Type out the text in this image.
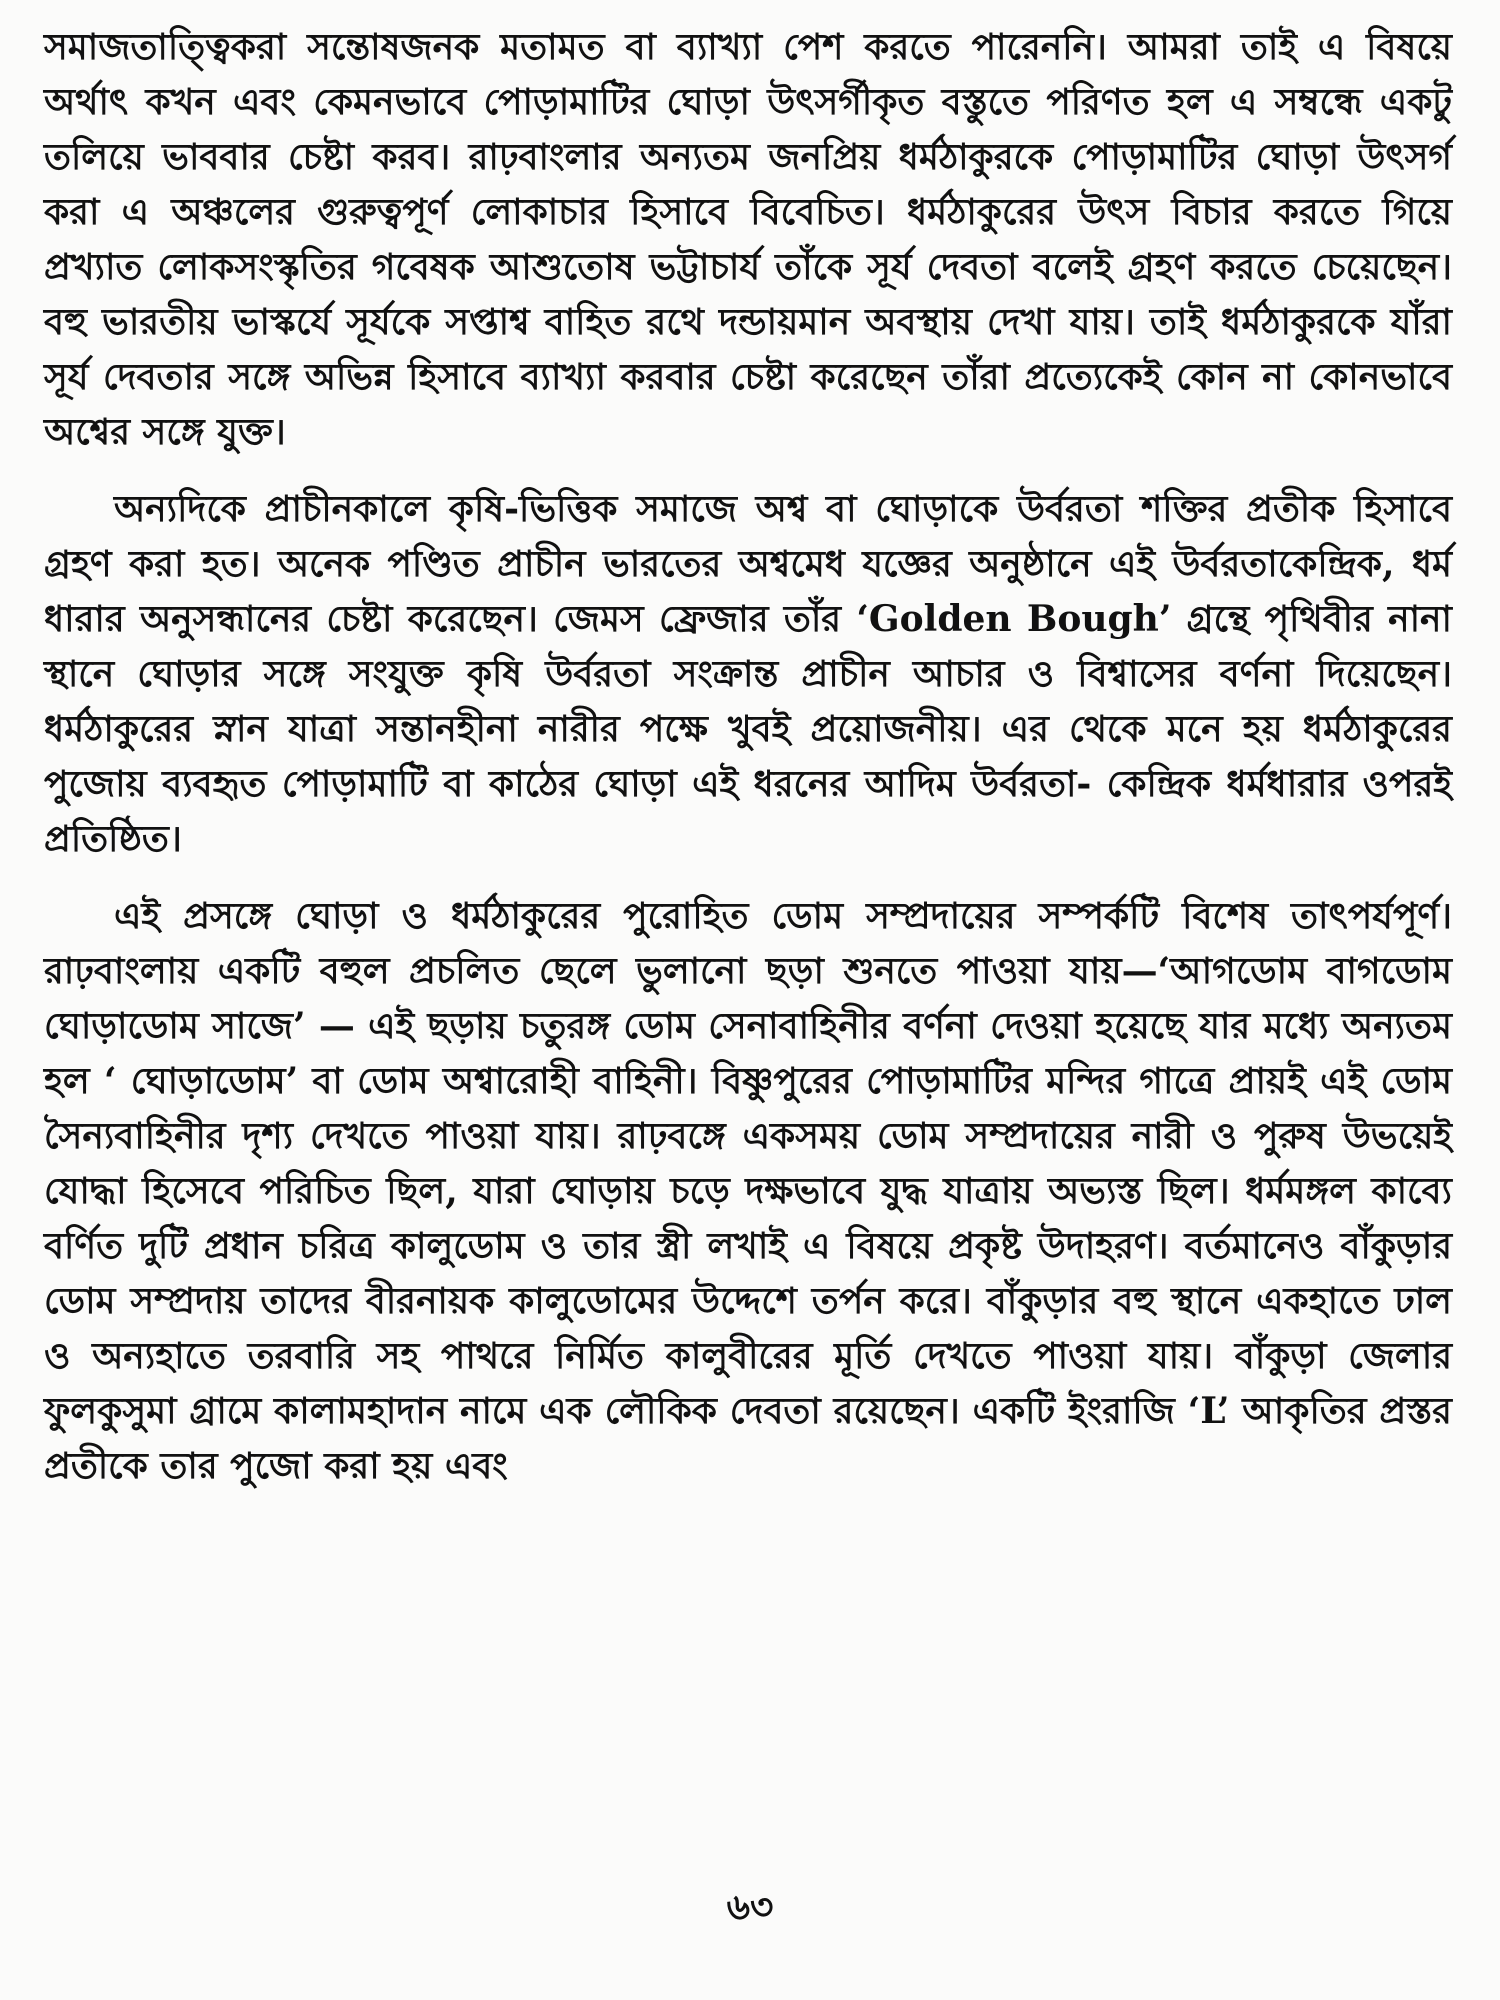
সমাজতাত্ত্বিকরা সন্তোষজনক মতামত বা ব্যাখ্যা পেশ করতে পারেননি। আমরা তাই এ বিষয়ে অর্থাৎ কখন এবং কেমনভাবে পোড়ামাটির ঘোড়া উৎসর্গীকৃত বস্তুতে পরিণত হল এ সম্বন্ধে একটু তলিয়ে ভাববার চেষ্টা করব। রাঢ়বাংলার অন্যতম জনপ্রিয় ধর্মঠাকুরকে পোড়ামাটির ঘোড়া উৎসর্গ করা এ অঞ্চলের গুরুত্বপূর্ণ লোকাচার হিসাবে বিবেচিত। ধর্মঠাকুরের উৎস বিচার করতে গিয়ে প্রখ্যাত লোকসংস্কৃতির গবেষক আশুতোষ ভট্টাচার্য তাঁকে সূর্য দেবতা বলেই গ্রহণ করতে চেয়েছেন। বহু ভারতীয় ভাস্কর্যে সূর্যকে সপ্তাশ্ব বাহিত রথে দন্ডায়মান অবস্থায় দেখা যায়। তাই ধর্মঠাকুরকে যাঁরা সূর্য দেবতার সঙ্গে অভিন্ন হিসাবে ব্যাখ্যা করবার চেষ্টা করেছেন তাঁরা প্রত্যেকেই কোন না কোনভাবে অশ্বের সঙ্গে যুক্ত।

অন্যদিকে প্রাচীনকালে কৃষি-ভিত্তিক সমাজে অশ্ব বা ঘোড়াকে উর্বরতা শক্তির প্রতীক হিসাবে গ্রহণ করা হত। অনেক পণ্ডিত প্রাচীন ভারতের অশ্বমেধ যজ্ঞের অনুষ্ঠানে এই উর্বরতাকেন্দ্রিক, ধর্ম ধারার অনুসন্ধানের চেষ্টা করেছেন। জেমস ফ্রেজার তাঁর ‘Golden Bough’ গ্রন্থে পৃথিবীর নানা স্থানে ঘোড়ার সঙ্গে সংযুক্ত কৃষি উর্বরতা সংক্রান্ত প্রাচীন আচার ও বিশ্বাসের বর্ণনা দিয়েছেন। ধর্মঠাকুরের স্নান যাত্রা সন্তানহীনা নারীর পক্ষে খুবই প্রয়োজনীয়। এর থেকে মনে হয় ধর্মঠাকুরের পুজোয় ব্যবহৃত পোড়ামাটি বা কাঠের ঘোড়া এই ধরনের আদিম উর্বরতা- কেন্দ্রিক ধর্মধারার ওপরই প্রতিষ্ঠিত।

এই প্রসঙ্গে ঘোড়া ও ধর্মঠাকুরের পুরোহিত ডোম সম্প্রদায়ের সম্পর্কটি বিশেষ তাৎপর্যপূর্ণ। রাঢ়বাংলায় একটি বহুল প্রচলিত ছেলে ভুলানো ছড়া শুনতে পাওয়া যায়—‘আগডোম বাগডোম ঘোড়াডোম সাজে’ — এই ছড়ায় চতুরঙ্গ ডোম সেনাবাহিনীর বর্ণনা দেওয়া হয়েছে যার মধ্যে অন্যতম হল ‘ ঘোড়াডোম’ বা ডোম অশ্বারোহী বাহিনী। বিষ্ণুপুরের পোড়ামাটির মন্দির গাত্রে প্রায়ই এই ডোম সৈন্যবাহিনীর দৃশ্য দেখতে পাওয়া যায়। রাঢ়বঙ্গে একসময় ডোম সম্প্রদায়ের নারী ও পুরুষ উভয়েই যোদ্ধা হিসেবে পরিচিত ছিল, যারা ঘোড়ায় চড়ে দক্ষভাবে যুদ্ধ যাত্রায় অভ্যস্ত ছিল। ধর্মমঙ্গল কাব্যে বর্ণিত দুটি প্রধান চরিত্র কালুডোম ও তার স্ত্রী লখাই এ বিষয়ে প্রকৃষ্ট উদাহরণ। বর্তমানেও বাঁকুড়ার ডোম সম্প্রদায় তাদের বীরনায়ক কালুডোমের উদ্দেশে তর্পন করে। বাঁকুড়ার বহু স্থানে একহাতে ঢাল ও অন্যহাতে তরবারি সহ পাথরে নির্মিত কালুবীরের মূর্তি দেখতে পাওয়া যায়। বাঁকুড়া জেলার ফুলকুসুমা গ্রামে কালামহাদান নামে এক লৌকিক দেবতা রয়েছেন। একটি ইংরাজি ‘L’ আকৃতির প্রস্তর প্রতীকে তার পুজো করা হয় এবং

৬৩
